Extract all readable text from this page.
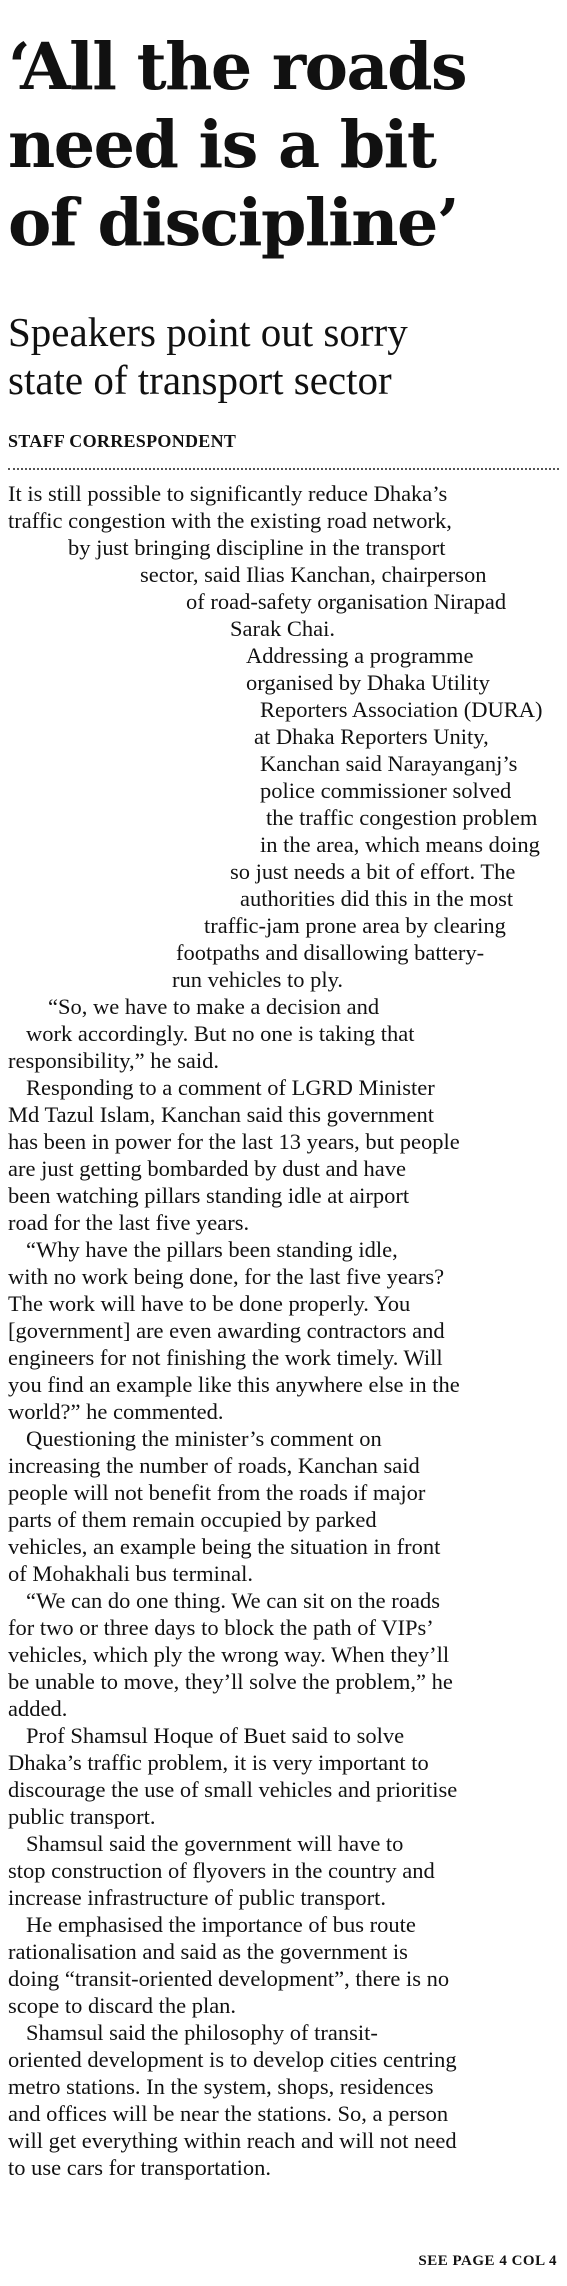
‘All the roads
need is a bit
of discipline’
Speakers point out sorry
state of transport sector
STAFF CORRESPONDENT
It is still possible to significantly reduce Dhaka’s
traffic congestion with the existing road network,
by just bringing discipline in the transport
sector, said Ilias Kanchan, chairperson
of road-safety organisation Nirapad
Sarak Chai.
Addressing a programme
organised by Dhaka Utility
Reporters Association (DURA)
at Dhaka Reporters Unity,
Kanchan said Narayanganj’s
police commissioner solved
the traffic congestion problem
in the area, which means doing
so just needs a bit of effort. The
authorities did this in the most
traffic-jam prone area by clearing
footpaths and disallowing battery-
run vehicles to ply.
“So, we have to make a decision and
work accordingly. But no one is taking that
responsibility,” he said.
Responding to a comment of LGRD Minister
Md Tazul Islam, Kanchan said this government
has been in power for the last 13 years, but people
are just getting bombarded by dust and have
been watching pillars standing idle at airport
road for the last five years.
“Why have the pillars been standing idle,
with no work being done, for the last five years?
The work will have to be done properly. You
[government] are even awarding contractors and
engineers for not finishing the work timely. Will
you find an example like this anywhere else in the
world?” he commented.
Questioning the minister’s comment on
increasing the number of roads, Kanchan said
people will not benefit from the roads if major
parts of them remain occupied by parked
vehicles, an example being the situation in front
of Mohakhali bus terminal.
“We can do one thing. We can sit on the roads
for two or three days to block the path of VIPs’
vehicles, which ply the wrong way. When they’ll
be unable to move, they’ll solve the problem,” he
added.
Prof Shamsul Hoque of Buet said to solve
Dhaka’s traffic problem, it is very important to
discourage the use of small vehicles and prioritise
public transport.
Shamsul said the government will have to
stop construction of flyovers in the country and
increase infrastructure of public transport.
He emphasised the importance of bus route
rationalisation and said as the government is
doing “transit-oriented development”, there is no
scope to discard the plan.
Shamsul said the philosophy of transit-
oriented development is to develop cities centring
metro stations. In the system, shops, residences
and offices will be near the stations. So, a person
will get everything within reach and will not need
to use cars for transportation.
SEE PAGE 4 COL 4
